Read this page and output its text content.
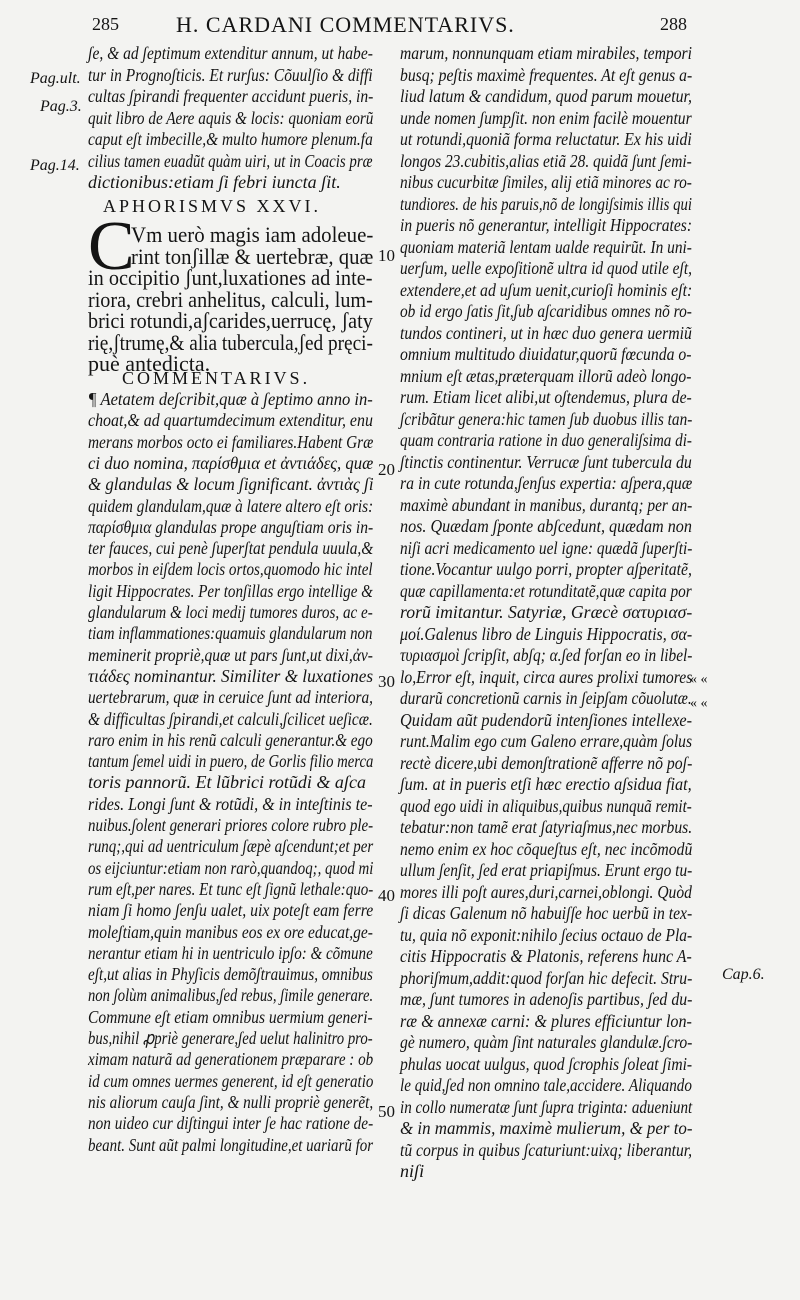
285	H. CARDANI COMMENTARIVS.	288
Pag.ult.
Pag.3.
Pag.14.
Cap.6.
« «
« «
10
20
30
40
50
ʃe, & ad ʃeptimum extenditur annum, ut habe-
tur in Prognoʃticis. Et rurʃus: Cõuulʃio & diffi
cultas ʃpirandi frequenter accidunt pueris, in-
quit libro de Aere aquis & locis: quoniam eorũ
caput eʃt imbecille,& multo humore plenum.fa
cilius tamen euadũt quàm uiri, ut in Coacis præ
dictionibus:etiam ʃi febri iuncta ʃit.
APHORISMVS XXVI.
C
Vm uerò magis iam adoleue-
rint tonʃillæ & uertebræ, quæ
in occipitio ʃunt,luxationes ad inte-
riora, crebri anhelitus, calculi, lum-
brici rotundi,aʃcarides,uerrucę, ʃaty
rię,ʃtrumę,& alia tubercula,ʃed pręci-
puè antedicta.
COMMENTARIVS.
¶ Aetatem deʃcribit,quæ à ʃeptimo anno in-
choat,& ad quartumdecimum extenditur, enu
merans morbos octo ei familiares.Habent Græ
ci duo nomina, παρίσθμια et ἀντιάδες, quæ
& glandulas & locum ʃignificant. ἀντιὰς ʃi
quidem glandulam,quæ à latere altero eʃt oris:
παρίσθμια glandulas prope anguʃtiam oris in-
ter fauces, cui penè ʃuperʃtat pendula uuula,&
morbos in eiʃdem locis ortos,quomodo hic intel
ligit Hippocrates. Per tonʃillas ergo intellige &
glandularum & loci medij tumores duros, ac e-
tiam inflammationes:quamuis glandularum non
meminerit propriè,quæ ut pars ʃunt,ut dixi,ἀν-
τιάδες nominantur. Similiter & luxationes
uertebrarum, quæ in ceruice ʃunt ad interiora,
& difficultas ʃpirandi,et calculi,ʃcilicet ueʃicæ.
raro enim in his renũ calculi generantur.& ego
tantum ʃemel uidi in puero, de Gorlis filio merca
toris pannorũ. Et lũbrici rotũdi & aʃca
rides. Longi ʃunt & rotũdi, & in inteʃtinis te-
nuibus.ʃolent generari priores colore rubro ple-
runq;,qui ad uentriculum ʃæpè aʃcendunt;et per
os eijciuntur:etiam non rarò,quandoq;, quod mi
rum eʃt,per nares. Et tunc eʃt ʃignũ lethale:quo-
niam ʃi homo ʃenʃu ualet, uix poteʃt eam ferre
moleʃtiam,quin manibus eos ex ore educat,ge-
nerantur etiam hi in uentriculo ipʃo: & cõmune
eʃt,ut alias in Phyʃicis demõʃtrauimus, omnibus
non ʃolùm animalibus,ʃed rebus, ʃimile generare.
Commune eʃt etiam omnibus uermium generi-
bus,nihil ꝓpriè generare,ʃed uelut halinitro pro-
ximam naturã ad generationem præparare : ob
id cum omnes uermes generent, id eʃt generatio
nis aliorum cauʃa ʃint, & nulli propriè generẽt,
non uideo cur diʃtingui inter ʃe hac ratione de-
beant. Sunt aũt palmi longitudine,et uariarũ for
marum, nonnunquam etiam mirabiles, tempori
busq; peʃtis maximè frequentes. At eʃt genus a-
liud latum & candidum, quod parum mouetur,
unde nomen ʃumpʃit. non enim facilè mouentur
ut rotundi,quoniã forma reluctatur. Ex his uidi
longos 23.cubitis,alias etiã 28. quidã ʃunt ʃemi-
nibus cucurbitæ ʃimiles, alij etiã minores ac ro-
tundiores. de his paruis,nõ de longiʃsimis illis qui
in pueris nõ generantur, intelligit Hippocrates:
quoniam materiã lentam ualde requirũt. In uni-
uerʃum, uelle expoʃitionẽ ultra id quod utile eʃt,
extendere,et ad uʃum uenit,curioʃi hominis eʃt:
ob id ergo ʃatis ʃit,ʃub aʃcaridibus omnes nõ ro-
tundos contineri, ut in hæc duo genera uermiũ
omnium multitudo diuidatur,quorũ fœcunda o-
mnium eʃt ætas,præterquam illorũ adeò longo-
rum. Etiam licet alibi,ut oʃtendemus, plura de-
ʃcribãtur genera:hic tamen ʃub duobus illis tan-
quam contraria ratione in duo generaliʃsima di-
ʃtinctis continentur. Verrucæ ʃunt tubercula du
ra in cute rotunda,ʃenʃus expertia: aʃpera,quæ
maximè abundant in manibus, durantq; per an-
nos. Quædam ʃponte abʃcedunt, quædam non
niʃi acri medicamento uel igne: quædã ʃuperʃti-
tione.Vocantur uulgo porri, propter aʃperitatẽ,
quæ capillamenta:et rotunditatẽ,quæ capita por
rorũ imitantur. Satyriæ, Græcè σατυριασ-
μοί.Galenus libro de Linguis Hippocratis, σα-
τυριασμοὶ ʃcripʃit, abʃq; α.ʃed forʃan eo in libel-
lo,Error eʃt, inquit, circa aures prolixi tumores
durarũ concretionũ carnis in ʃeipʃam cõuolutæ.
Quidam aũt pudendorũ intenʃiones intellexe-
runt.Malim ego cum Galeno errare,quàm ʃolus
rectè dicere,ubi demonʃtrationẽ afferre nõ poʃ-
ʃum. at in pueris etʃi hæc erectio aʃsidua fiat,
quod ego uidi in aliquibus,quibus nunquã remit-
tebatur:non tamẽ erat ʃatyriaʃmus,nec morbus.
nemo enim ex hoc cõqueʃtus eʃt, nec incõmodũ
ullum ʃenʃit, ʃed erat priapiʃmus. Erunt ergo tu-
mores illi poʃt aures,duri,carnei,oblongi. Quòd
ʃi dicas Galenum nõ habuiʃſe hoc uerbũ in tex-
tu, quia nõ exponit:nihilo ʃecius octauo de Pla-
citis Hippocratis & Platonis, referens hunc A-
phoriʃmum,addit:quod forʃan hic defecit. Stru-
mæ, ʃunt tumores in adenoʃis partibus, ʃed du-
ræ & annexæ carni: & plures efficiuntur lon-
gè numero, quàm ʃint naturales glandulæ.ʃcro-
phulas uocat uulgus, quod ʃcrophis ʃoleat ʃimi-
le quid,ʃed non omnino tale,accidere. Aliquando
in collo numeratæ ʃunt ʃupra triginta: adueniunt
& in mammis, maximè mulierum, & per to-
tũ corpus in quibus ʃcaturiunt:uixq; liberantur,
niʃi
